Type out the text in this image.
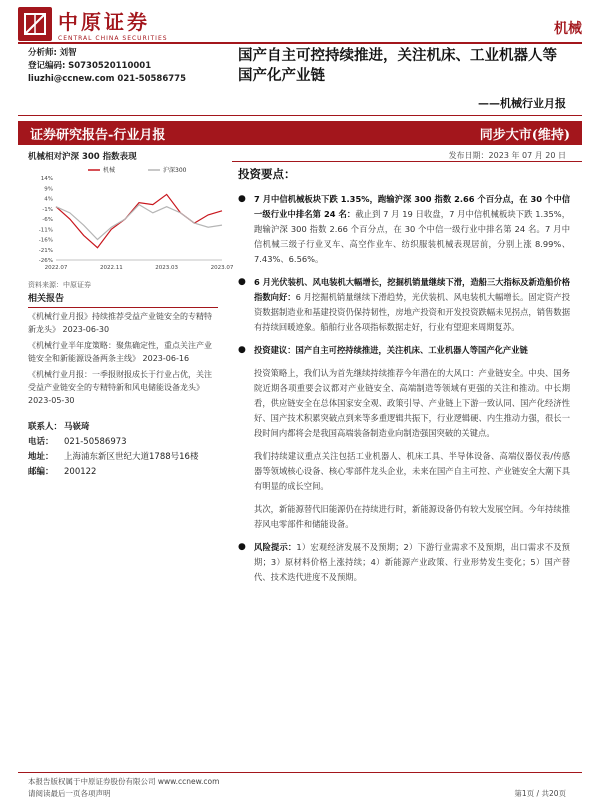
中原证券
CENTRAL CHINA SECURITIES
机械
分析师: 刘智
登记编码: S0730520110001
liuzhi@ccnew.com 021-50586775
国产自主可控持续推进，关注机床、工业机器人等国产化产业链
——机械行业月报
证券研究报告-行业月报	同步大市(维持)
机械相对沪深 300 指数表现
14%
9%
4%
-1%
-6%
-11%
-16%
-21%
-26%
2022.07	2022.11	2023.03	2023.07
机械	沪深300
资料来源：中原证券
发布日期：2023 年 07 月 20 日
相关报告
《机械行业月报》持续推荐受益产业链安全的专精特新龙头》 2023-06-30
《机械行业半年度策略：聚焦确定性，重点关注产业链安全和新能源设备两条主线》 2023-06-16
《机械行业月报：一季报财报成长于行业占优，关注受益产业链安全的专精特新和风电储能设备龙头》 2023-05-30
联系人： 马嵚琦
电话：	021-50586973
地址：	上海浦东新区世纪大道1788号16楼
邮编：	200122
投资要点：
● 7 月中信机械板块下跌 1.35%，跑输沪深 300 指数 2.66 个百分点，在 30 个中信一级行业中排名第 24 名：截止到 7 月 19 日收盘，7 月中信机械板块下跌 1.35%，跑输沪深 300 指数 2.66 个百分点，在 30 个中信一级行业中排名第 24 名。7 月中信机械三级子行业叉车、高空作业车、纺织服装机械表现居前，分别上涨 8.99%、7.43%、6.56%。
● 6 月光伏装机、风电装机大幅增长，挖掘机销量继续下滑，造船三大指标及新造船价格指数向好：6 月挖掘机销量继续下滑趋势，光伏装机、风电装机大幅增长。固定资产投资数据制造业和基建投资仍保持韧性，房地产投资和开发投资跌幅未见拐点，销售数据有持续回暖迹象。船舶行业各项指标数据走好，行业有望迎来周期复苏。
● 投资建议：国产自主可控持续推进，关注机床、工业机器人等国产化产业链
投资策略上，我们认为首先继续持续推荐今年潜在的大风口：产业链安全。中央、国务院近期各项重要会议都对产业链安全、高端制造等领域有更强的关注和推动。中长期看，供应链安全在总体国家安全观、政策引导、产业链上下游一致认同、国产化经济性好、国产技术积累突破点到来等多重逻辑共振下，行业逻辑硬、内生推动力强，很长一段时间内都将会是我国高端装备制造业向制造强国突破的关键点。
我们持续建议重点关注包括工业机器人、机床工具、半导体设备、高端仪器仪表/传感器等领域核心设备、核心零部件龙头企业，未来在国产自主可控、产业链安全大潮下具有明显的成长空间。
其次，新能源替代旧能源仍在持续进行时，新能源设备仍有较大发展空间。今年持续推荐风电零部件和储能设备。
● 风险提示：1）宏观经济发展不及预期；2）下游行业需求不及预期，出口需求不及预期；3）原材料价格上涨持续；4）新能源产业政策、行业形势发生变化；5）国产替代、技术迭代进度不及预期。
本报告版权属于中原证券股份有限公司 www.ccnew.com
请阅读最后一页各项声明	第1页 / 共20页
